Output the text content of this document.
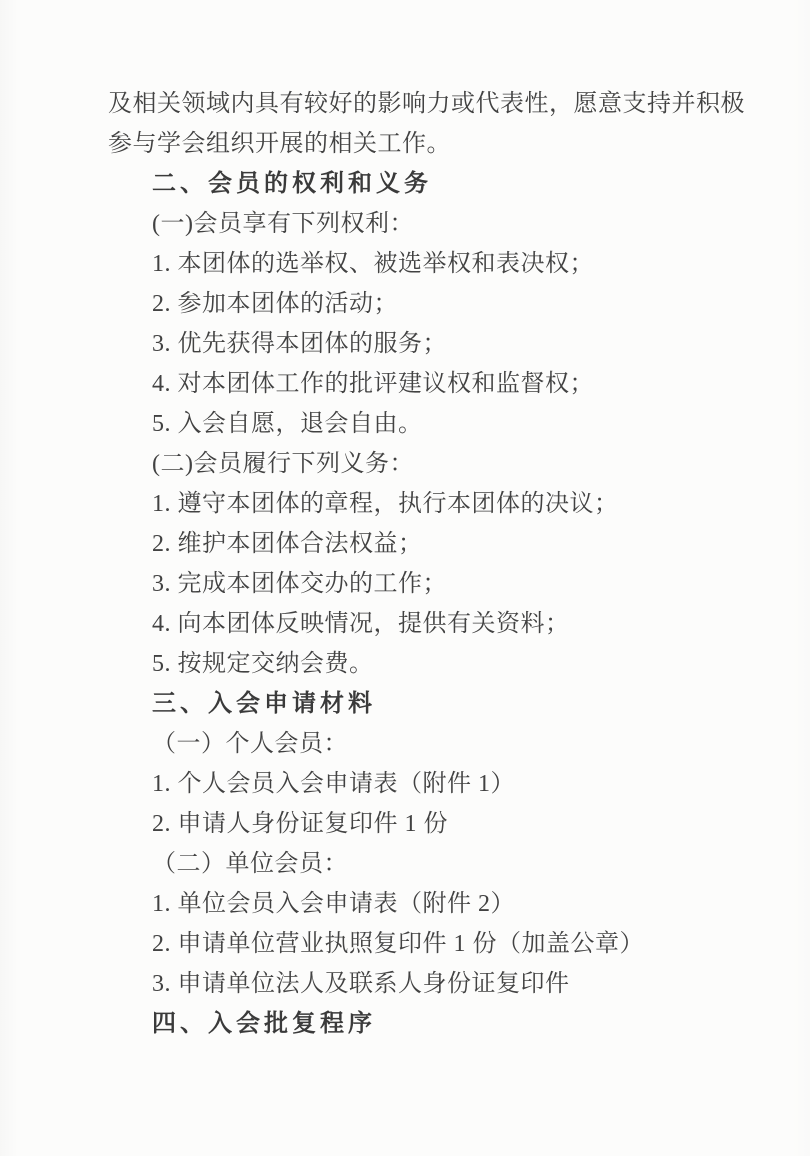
及相关领域内具有较好的影响力或代表性，愿意支持并积极

参与学会组织开展的相关工作。

二、会员的权利和义务

(一)会员享有下列权利：

1. 本团体的选举权、被选举权和表决权；

2. 参加本团体的活动；

3. 优先获得本团体的服务；

4. 对本团体工作的批评建议权和监督权；

5. 入会自愿，退会自由。

(二)会员履行下列义务：

1. 遵守本团体的章程，执行本团体的决议；

2. 维护本团体合法权益；

3. 完成本团体交办的工作；

4. 向本团体反映情况，提供有关资料；

5. 按规定交纳会费。

三、入会申请材料

（一）个人会员：

1. 个人会员入会申请表（附件 1）

2. 申请人身份证复印件 1 份

（二）单位会员：

1. 单位会员入会申请表（附件 2）

2. 申请单位营业执照复印件 1 份（加盖公章）

3. 申请单位法人及联系人身份证复印件

四、入会批复程序
